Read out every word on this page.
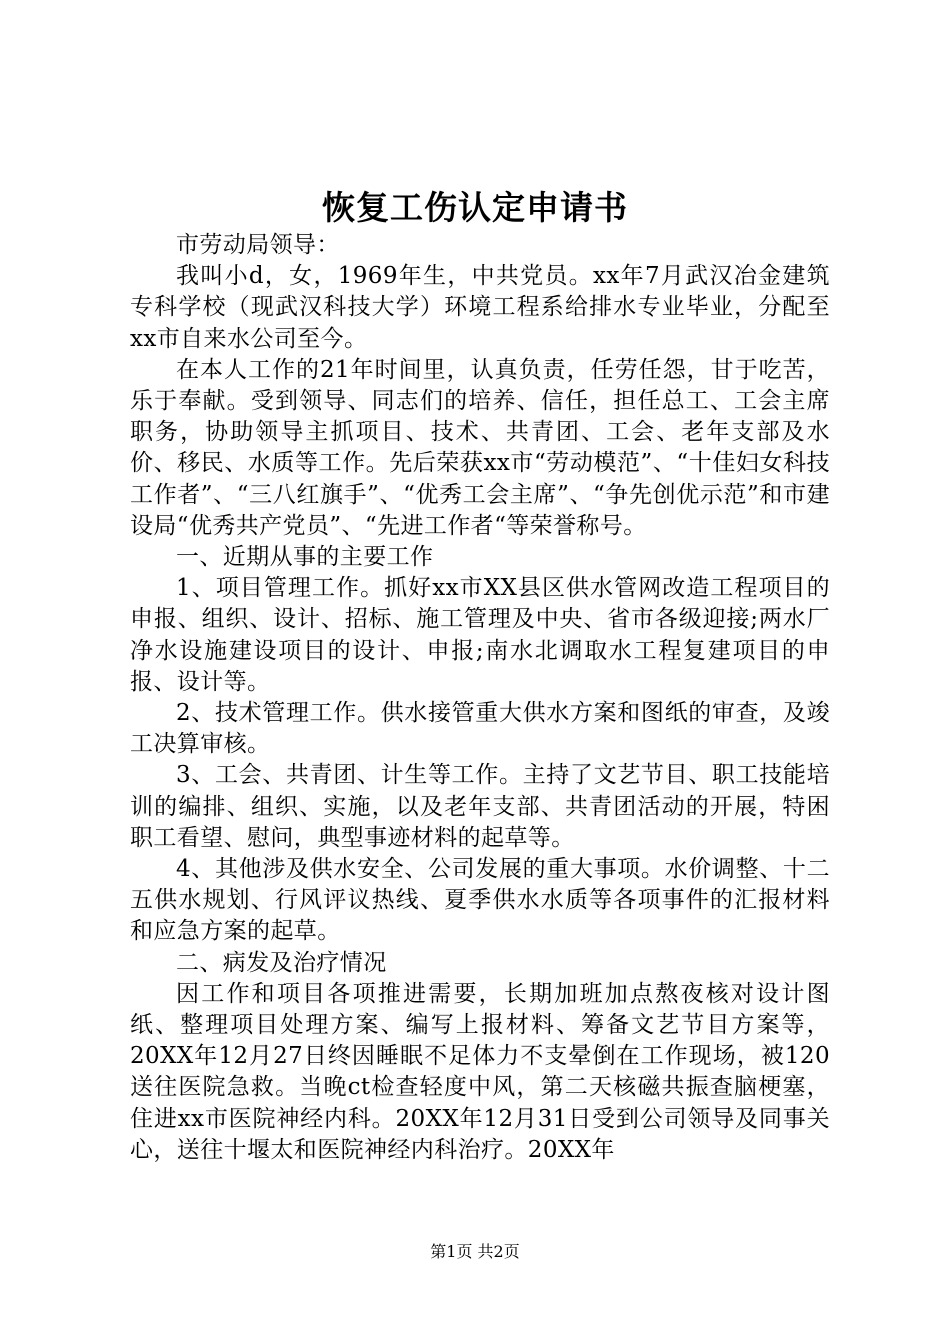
恢复工伤认定申请书

市劳动局领导：

我叫小d，女，1969年生，中共党员。xx年7月武汉冶金建筑专科学校（现武汉科技大学）环境工程系给排水专业毕业，分配至xx市自来水公司至今。

在本人工作的21年时间里，认真负责，任劳任怨，甘于吃苦，乐于奉献。受到领导、同志们的培养、信任，担任总工、工会主席职务，协助领导主抓项目、技术、共青团、工会、老年支部及水价、移民、水质等工作。先后荣获xx市“劳动模范”、“十佳妇女科技工作者”、“三八红旗手”、“优秀工会主席”、“争先创优示范”和市建设局“优秀共产党员”、“先进工作者“等荣誉称号。

一、近期从事的主要工作

1、项目管理工作。抓好xx市XX县区供水管网改造工程项目的申报、组织、设计、招标、施工管理及中央、省市各级迎接;两水厂净水设施建设项目的设计、申报;南水北调取水工程复建项目的申报、设计等。

2、技术管理工作。供水接管重大供水方案和图纸的审查，及竣工决算审核。

3、工会、共青团、计生等工作。主持了文艺节目、职工技能培训的编排、组织、实施，以及老年支部、共青团活动的开展，特困职工看望、慰问，典型事迹材料的起草等。

4、其他涉及供水安全、公司发展的重大事项。水价调整、十二五供水规划、行风评议热线、夏季供水水质等各项事件的汇报材料和应急方案的起草。

二、病发及治疗情况

因工作和项目各项推进需要，长期加班加点熬夜核对设计图纸、整理项目处理方案、编写上报材料、筹备文艺节目方案等，20XX年12月27日终因睡眠不足体力不支晕倒在工作现场，被120送往医院急救。当晚ct检查轻度中风，第二天核磁共振查脑梗塞，住进xx市医院神经内科。20XX年12月31日受到公司领导及同事关心，送往十堰太和医院神经内科治疗。20XX年

第1页 共2页
